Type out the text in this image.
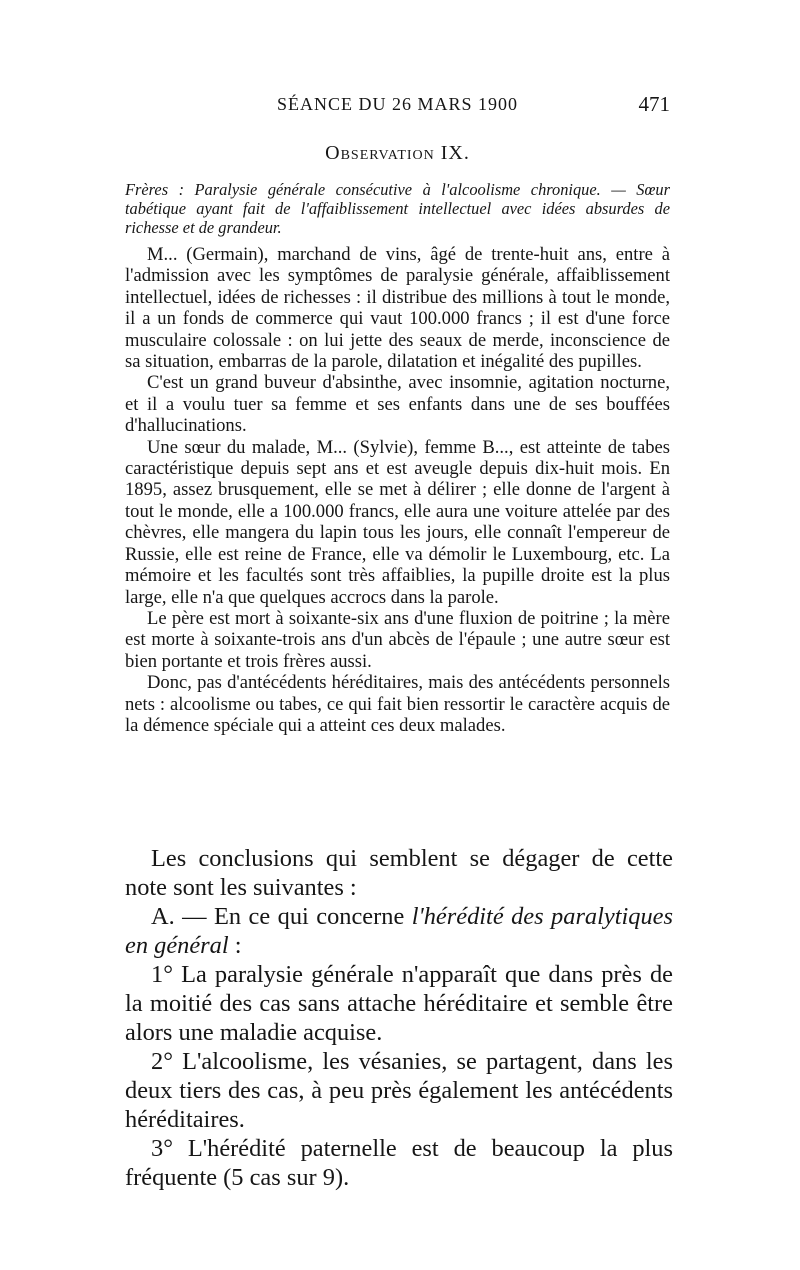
SÉANCE DU 26 MARS 1900	471
Observation IX.

Frères : Paralysie générale consécutive à l'alcoolisme chronique. — Sœur tabétique ayant fait de l'affaiblissement intellectuel avec idées absurdes de richesse et de grandeur.

M... (Germain), marchand de vins, âgé de trente-huit ans, entre à l'admission avec les symptômes de paralysie générale, affaiblissement intellectuel, idées de richesses : il distribue des millions à tout le monde, il a un fonds de commerce qui vaut 100.000 francs ; il est d'une force musculaire colossale : on lui jette des seaux de merde, inconscience de sa situation, embarras de la parole, dilatation et inégalité des pupilles.

C'est un grand buveur d'absinthe, avec insomnie, agitation nocturne, et il a voulu tuer sa femme et ses enfants dans une de ses bouffées d'hallucinations.

Une sœur du malade, M... (Sylvie), femme B..., est atteinte de tabes caractéristique depuis sept ans et est aveugle depuis dix-huit mois. En 1895, assez brusquement, elle se met à délirer ; elle donne de l'argent à tout le monde, elle a 100.000 francs, elle aura une voiture attelée par des chèvres, elle mangera du lapin tous les jours, elle connaît l'empereur de Russie, elle est reine de France, elle va démolir le Luxembourg, etc. La mémoire et les facultés sont très affaiblies, la pupille droite est la plus large, elle n'a que quelques accrocs dans la parole.

Le père est mort à soixante-six ans d'une fluxion de poitrine ; la mère est morte à soixante-trois ans d'un abcès de l'épaule ; une autre sœur est bien portante et trois frères aussi.

Donc, pas d'antécédents héréditaires, mais des antécédents personnels nets : alcoolisme ou tabes, ce qui fait bien ressortir le caractère acquis de la démence spéciale qui a atteint ces deux malades.

Les conclusions qui semblent se dégager de cette note sont les suivantes :

A. — En ce qui concerne l'hérédité des paralytiques en général :

1° La paralysie générale n'apparaît que dans près de la moitié des cas sans attache héréditaire et semble être alors une maladie acquise.

2° L'alcoolisme, les vésanies, se partagent, dans les deux tiers des cas, à peu près également les antécédents héréditaires.

3° L'hérédité paternelle est de beaucoup la plus fréquente (5 cas sur 9).
